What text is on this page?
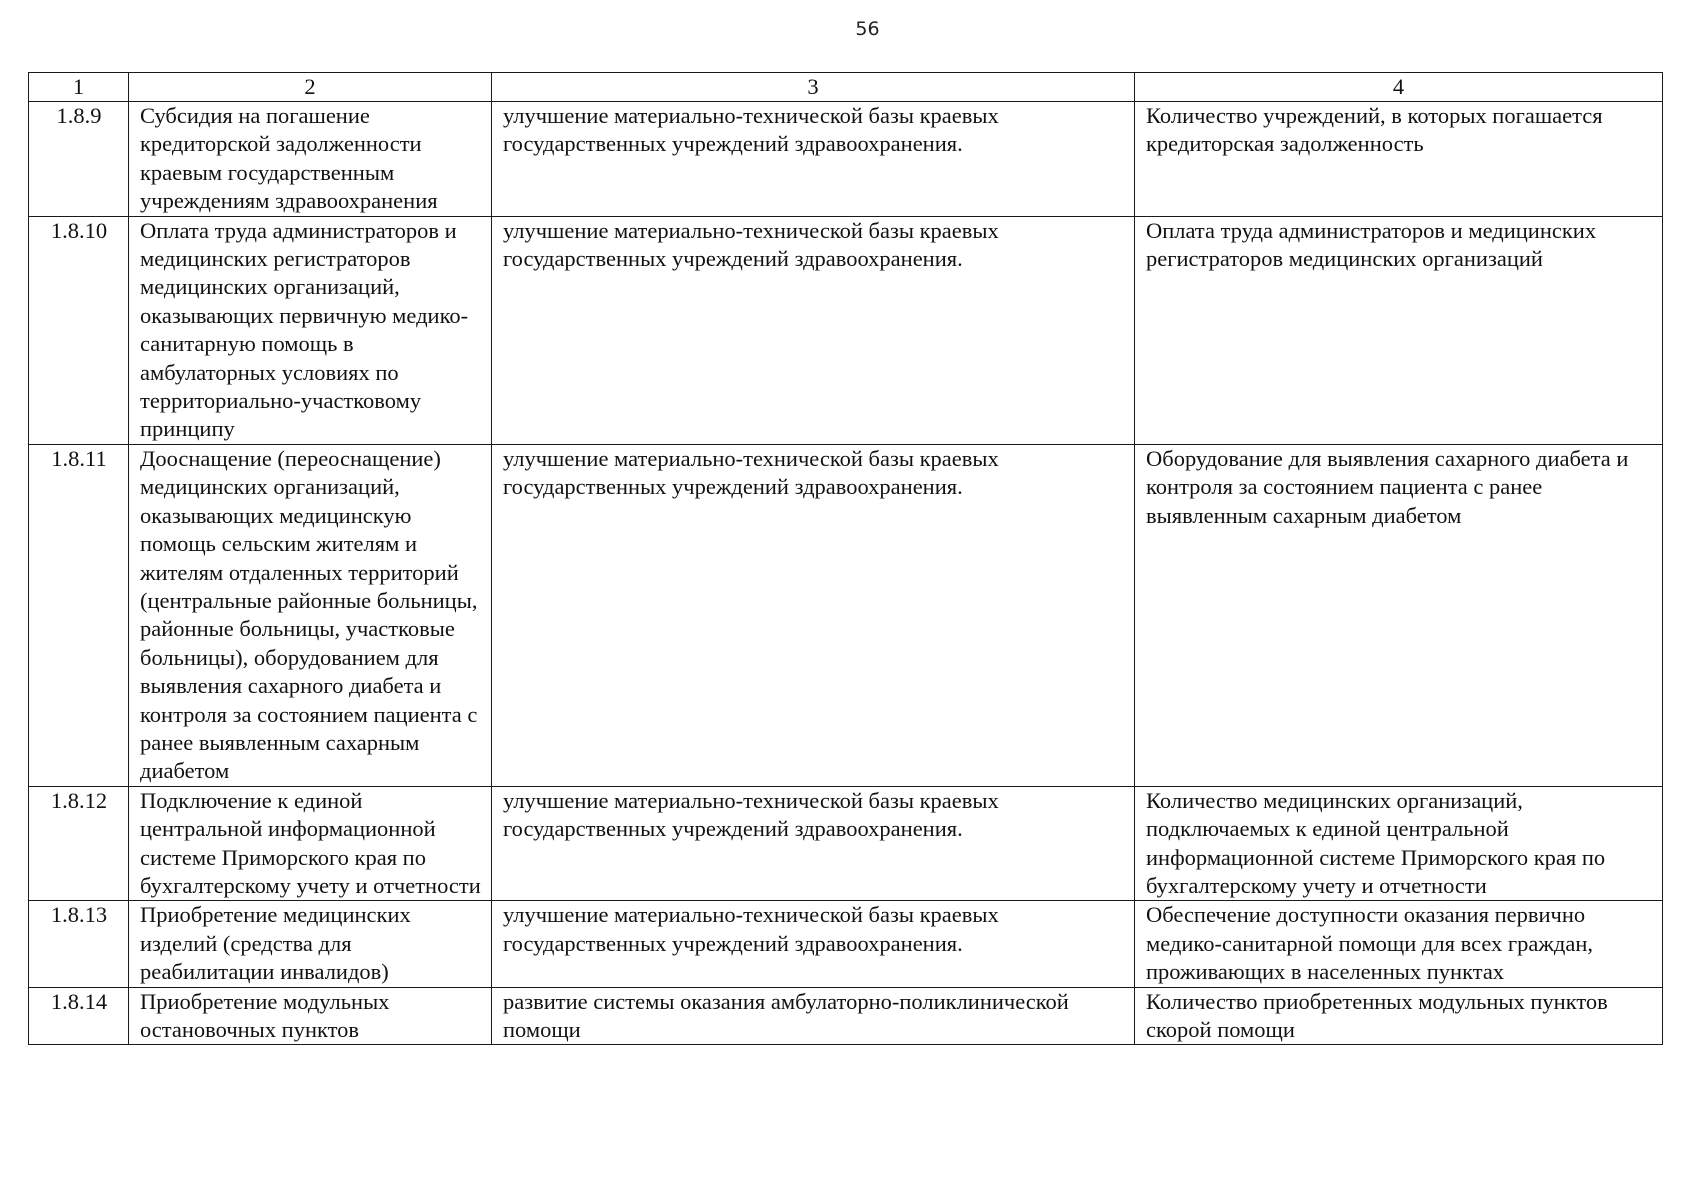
56
1	2	3	4
1.8.9	Субсидия на погашение кредиторской задолженности краевым государственным учреждениям здравоохранения	улучшение материально-технической базы краевых государственных учреждений здравоохранения.	Количество учреждений, в которых погашается кредиторская задолженность
1.8.10	Оплата труда администраторов и медицинских регистраторов медицинских организаций, оказывающих первичную медико-санитарную помощь в амбулаторных условиях по территориально-участковому принципу	улучшение материально-технической базы краевых государственных учреждений здравоохранения.	Оплата труда администраторов и медицинских регистраторов медицинских организаций
1.8.11	Дооснащение (переоснащение) медицинских организаций, оказывающих медицинскую помощь сельским жителям и жителям отдаленных территорий (центральные районные больницы, районные больницы, участковые больницы), оборудованием для выявления сахарного диабета и контроля за состоянием пациента с ранее выявленным сахарным диабетом	улучшение материально-технической базы краевых государственных учреждений здравоохранения.	Оборудование для выявления сахарного диабета и контроля за состоянием пациента с ранее выявленным сахарным диабетом
1.8.12	Подключение к единой центральной информационной системе Приморского края по бухгалтерскому учету и отчетности	улучшение материально-технической базы краевых государственных учреждений здравоохранения.	Количество медицинских организаций, подключаемых к единой центральной информационной системе Приморского края по бухгалтерскому учету и отчетности
1.8.13	Приобретение медицинских изделий (средства для реабилитации инвалидов)	улучшение материально-технической базы краевых государственных учреждений здравоохранения.	Обеспечение доступности оказания первично медико-санитарной помощи для всех граждан, проживающих в населенных пунктах
1.8.14	Приобретение модульных остановочных пунктов	развитие системы оказания амбулаторно-поликлинической помощи	Количество приобретенных модульных пунктов скорой помощи
